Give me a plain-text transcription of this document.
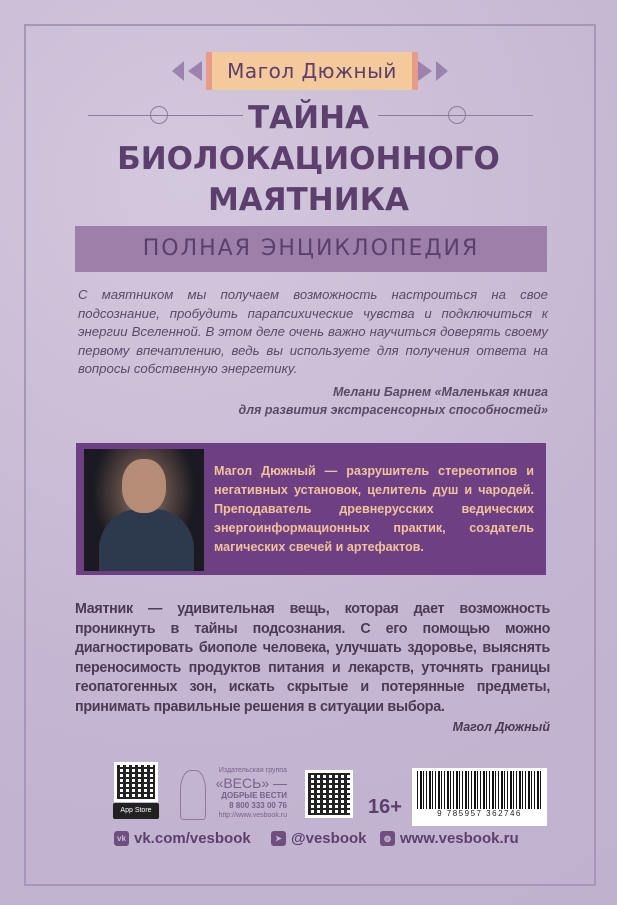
Магол Дюжный
ТАЙНА
БИОЛОКАЦИОННОГО
МАЯТНИКА
ПОЛНАЯ ЭНЦИКЛОПЕДИЯ
С маятником мы получаем возможность настроиться на свое подсознание, пробудить парапсихические чувства и подключиться к энергии Вселенной. В этом деле очень важно научиться доверять своему первому впечатлению, ведь вы используете для получения ответа на вопросы собственную энергетику.
Мелани Барнем «Маленькая книга
для развития экстрасенсорных способностей»
Магол Дюжный — разрушитель стереотипов и негативных установок, целитель душ и чародей. Преподаватель древнерусских ведических энергоинформационных практик, создатель магических свечей и артефактов.
Маятник — удивительная вещь, которая дает возможность проникнуть в тайны подсознания. С его помощью можно диагностировать биополе человека, улучшать здоровье, выяснять переносимость продуктов питания и лекарств, уточнять границы геопатогенных зон, искать скрытые и потерянные предметы, принимать правильные решения в ситуации выбора.
Магол Дюжный
App Store
Издательская группа
«ВЕСЬ» —
ДОБРЫЕ ВЕСТИ
8 800 333 00 76
http://www.vesbook.ru	16+	9 785957 362746
vk vk.com/vesbook	➤ @vesbook	◍ www.vesbook.ru
